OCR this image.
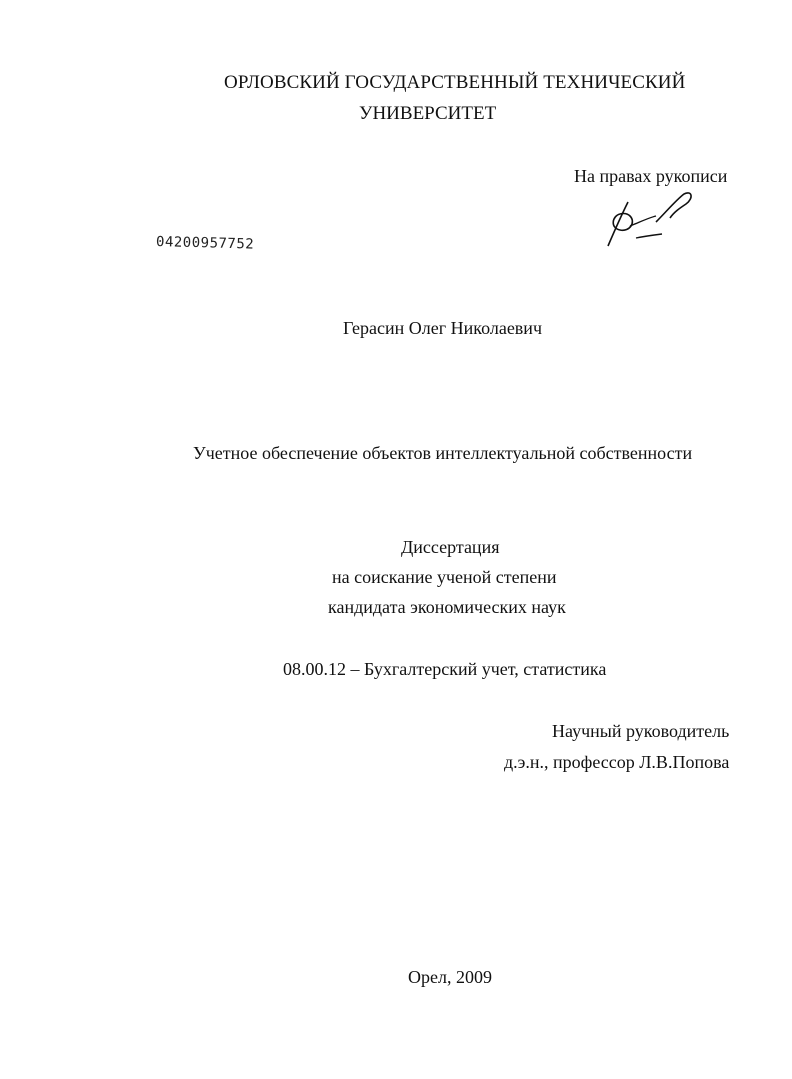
ОРЛОВСКИЙ ГОСУДАРСТВЕННЫЙ ТЕХНИЧЕСКИЙ
УНИВЕРСИТЕТ
На правах рукописи
04200957752
Герасин Олег Николаевич
Учетное обеспечение объектов интеллектуальной собственности
Диссертация
на соискание ученой степени
кандидата экономических наук
08.00.12 – Бухгалтерский учет, статистика
Научный руководитель
д.э.н., профессор Л.В.Попова
Орел, 2009
